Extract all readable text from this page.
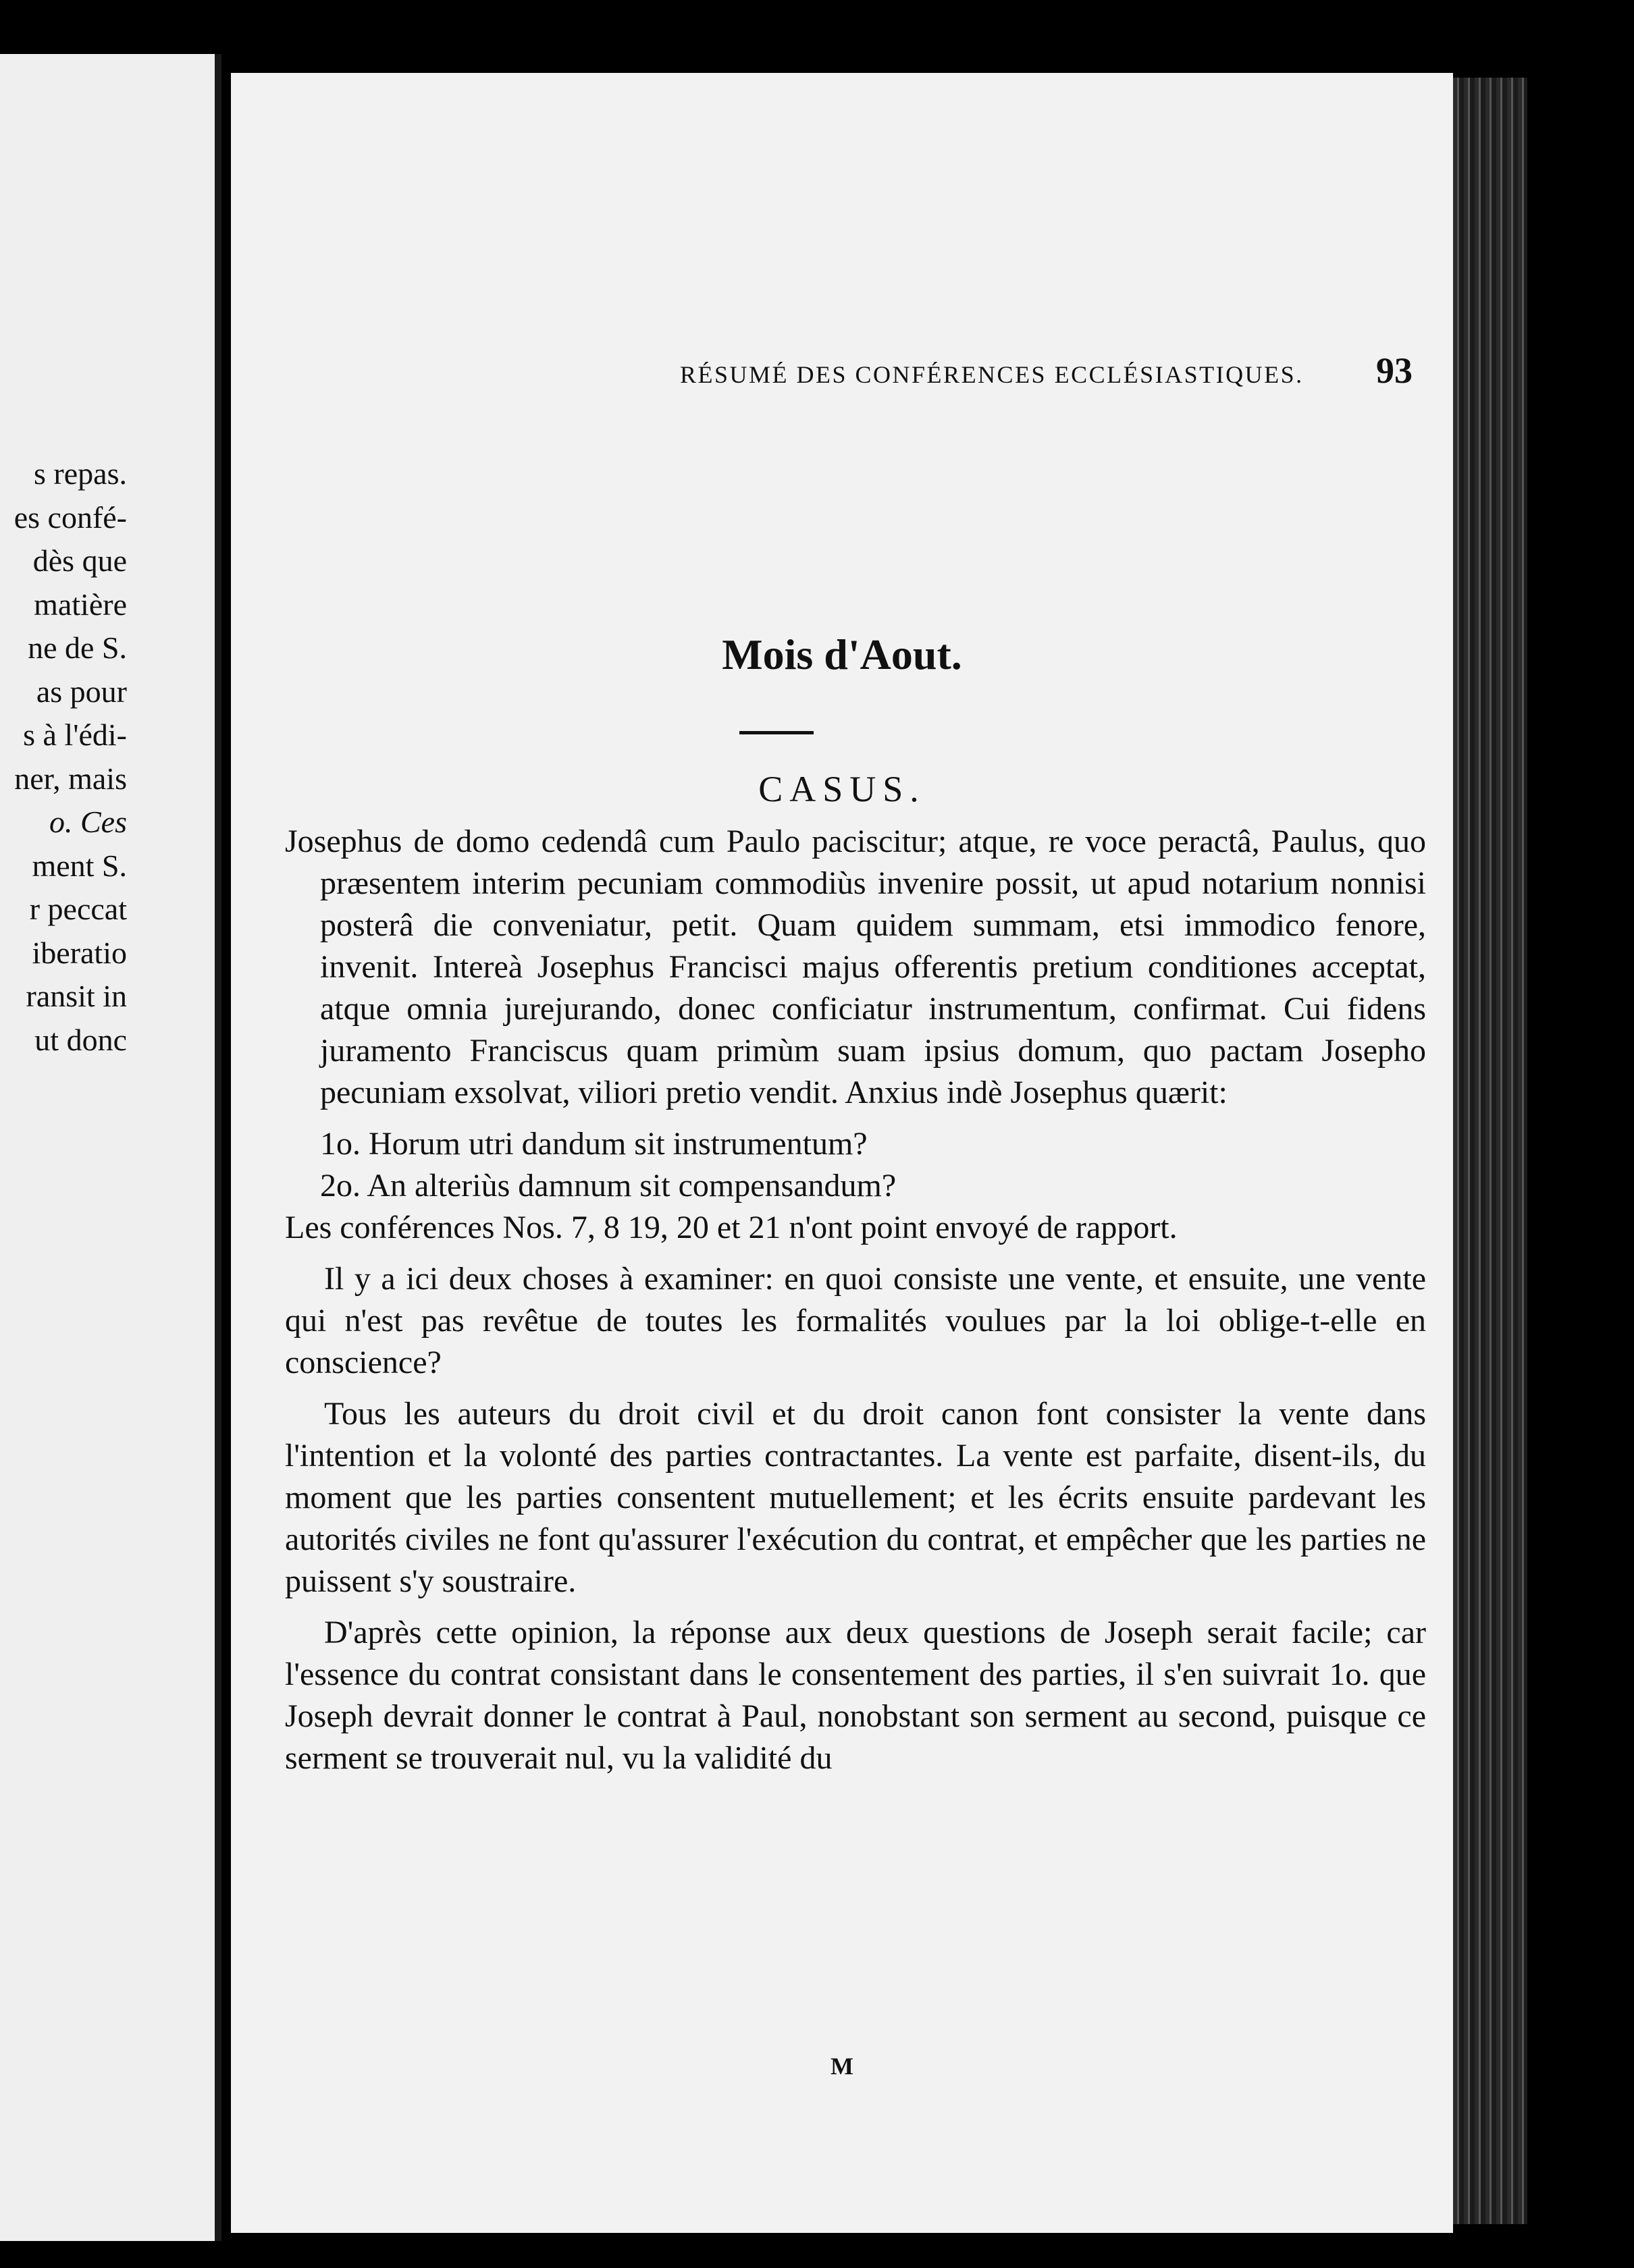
s repas.
es confé-
dès que
matière
ne de S.
as pour
s à l'édi-
ner, mais
o. Ces
ment S.
r peccat
iberatio
ransit in
ut donc
RÉSUMÉ DES CONFÉRENCES ECCLÉSIASTIQUES. 93
Mois d'Aout.
CASUS.

Josephus de domo cedendâ cum Paulo paciscitur; atque, re voce peractâ, Paulus, quo præsentem interim pecuniam commodiùs invenire possit, ut apud notarium nonnisi posterâ die conveniatur, petit. Quam quidem summam, etsi immodico fenore, invenit. Intereà Josephus Francisci majus offerentis pretium conditiones acceptat, atque omnia jurejurando, donec conficiatur instrumentum, confirmat. Cui fidens juramento Franciscus quam primùm suam ipsius domum, quo pactam Josepho pecuniam exsolvat, viliori pretio vendit. Anxius indè Josephus quærit:

1o. Horum utri dandum sit instrumentum?

2o. An alteriùs damnum sit compensandum?

Les conférences Nos. 7, 8 19, 20 et 21 n'ont point envoyé de rapport.

Il y a ici deux choses à examiner: en quoi consiste une vente, et ensuite, une vente qui n'est pas revêtue de toutes les formalités voulues par la loi oblige-t-elle en conscience?

Tous les auteurs du droit civil et du droit canon font consister la vente dans l'intention et la volonté des parties contractantes. La vente est parfaite, disent-ils, du moment que les parties consentent mutuellement; et les écrits ensuite pardevant les autorités civiles ne font qu'assurer l'exécution du contrat, et empêcher que les parties ne puissent s'y soustraire.

D'après cette opinion, la réponse aux deux questions de Joseph serait facile; car l'essence du contrat consistant dans le consentement des parties, il s'en suivrait 1o. que Joseph devrait donner le contrat à Paul, nonobstant son serment au second, puisque ce serment se trouverait nul, vu la validité du

M
